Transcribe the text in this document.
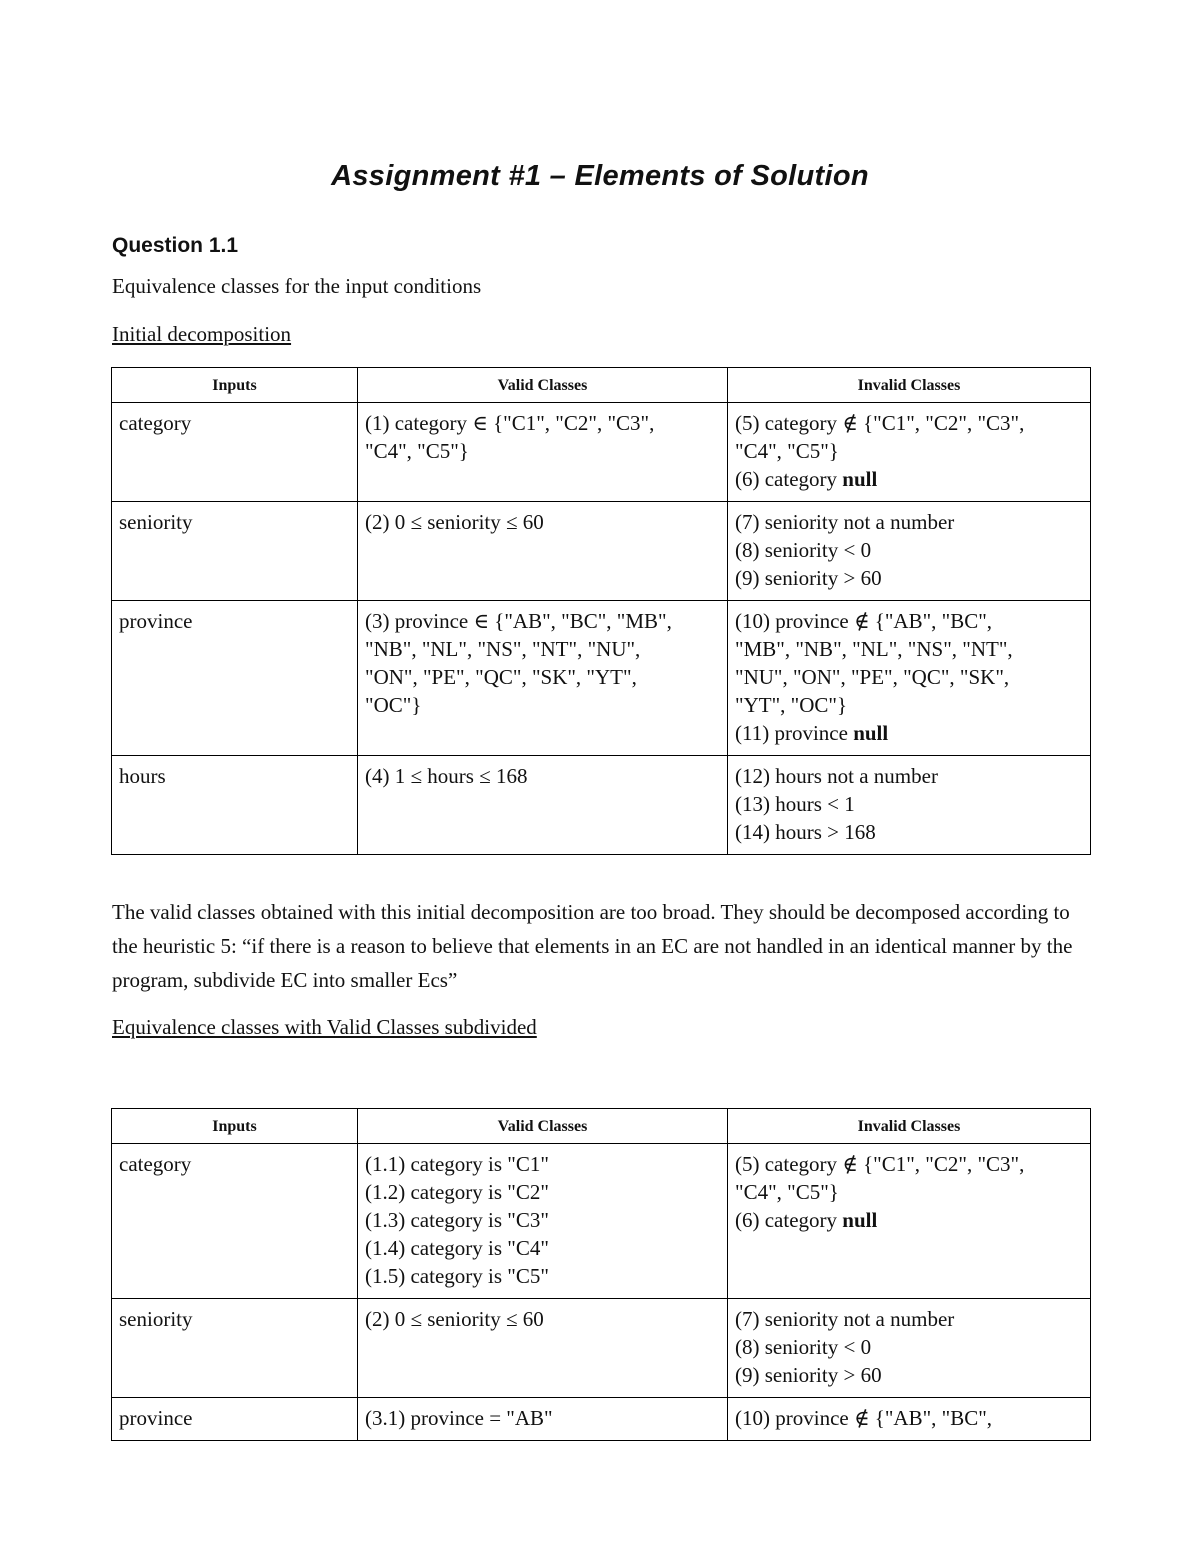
Assignment #1 – Elements of Solution
Question 1.1

Equivalence classes for the input conditions

Initial decomposition

Inputs	Valid Classes	Invalid Classes
category	(1) category ∈ {"C1", "C2", "C3",
"C4", "C5"}	(5) category ∉ {"C1", "C2", "C3",
"C4", "C5"}
(6) category null

seniority	(2) 0 ≤ seniority ≤ 60	(7) seniority not a number
(8) seniority < 0
(9) seniority > 60

province	(3) province ∈ {"AB", "BC", "MB",
"NB", "NL", "NS", "NT", "NU",
"ON", "PE", "QC", "SK", "YT",
"OC"}	(10) province ∉ {"AB", "BC",
"MB", "NB", "NL", "NS", "NT",
"NU", "ON", "PE", "QC", "SK",
"YT", "OC"}
(11) province null

hours	(4) 1 ≤ hours ≤ 168	(12) hours not a number
(13) hours < 1
(14) hours > 168

The valid classes obtained with this initial decomposition are too broad. They should be decomposed according to the heuristic 5: “if there is a reason to believe that elements in an EC are not handled in an identical manner by the program, subdivide EC into smaller Ecs”

Equivalence classes with Valid Classes subdivided

Inputs	Valid Classes	Invalid Classes
category	(1.1) category is "C1"
(1.2) category is "C2"
(1.3) category is "C3"
(1.4) category is "C4"
(1.5) category is "C5"	(5) category ∉ {"C1", "C2", "C3",
"C4", "C5"}
(6) category null

seniority	(2) 0 ≤ seniority ≤ 60	(7) seniority not a number
(8) seniority < 0
(9) seniority > 60

province	(3.1) province = "AB"	(10) province ∉ {"AB", "BC",
